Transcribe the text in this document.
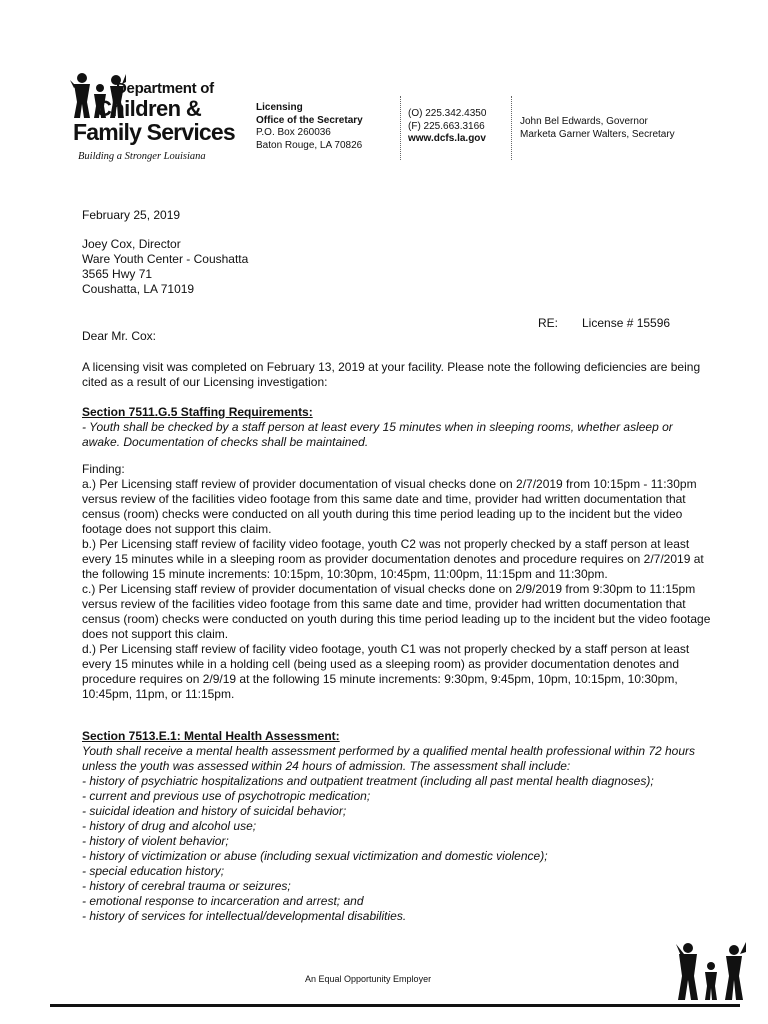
Department of
Children &
Family Services
Building a Stronger Louisiana
Licensing
Office of the Secretary
P.O. Box 260036
Baton Rouge, LA 70826
(O) 225.342.4350
(F) 225.663.3166
www.dcfs.la.gov
John Bel Edwards, Governor
Marketa Garner Walters, Secretary
February 25, 2019
Joey Cox, Director
Ware Youth Center - Coushatta
3565 Hwy 71
Coushatta, LA 71019
RE: License # 15596
Dear Mr. Cox:
A licensing visit was completed on February 13, 2019 at your facility. Please note the following deficiencies are being cited as a result of our Licensing investigation:
Section 7511.G.5 Staffing Requirements:
- Youth shall be checked by a staff person at least every 15 minutes when in sleeping rooms, whether asleep or awake. Documentation of checks shall be maintained.

Finding:

a.) Per Licensing staff review of provider documentation of visual checks done on 2/7/2019 from 10:15pm - 11:30pm versus review of the facilities video footage from this same date and time, provider had written documentation that census (room) checks were conducted on all youth during this time period leading up to the incident but the video footage does not support this claim.

b.) Per Licensing staff review of facility video footage, youth C2 was not properly checked by a staff person at least every 15 minutes while in a sleeping room as provider documentation denotes and procedure requires on 2/7/2019 at the following 15 minute increments: 10:15pm, 10:30pm, 10:45pm, 11:00pm, 11:15pm and 11:30pm.

c.) Per Licensing staff review of provider documentation of visual checks done on 2/9/2019 from 9:30pm to 11:15pm versus review of the facilities video footage from this same date and time, provider had written documentation that census (room) checks were conducted on youth during this time period leading up to the incident but the video footage does not support this claim.

d.) Per Licensing staff review of facility video footage, youth C1 was not properly checked by a staff person at least every 15 minutes while in a holding cell (being used as a sleeping room) as provider documentation denotes and procedure requires on 2/9/19 at the following 15 minute increments: 9:30pm, 9:45pm, 10pm, 10:15pm, 10:30pm, 10:45pm, 11pm, or 11:15pm.

Section 7513.E.1: Mental Health Assessment:

Youth shall receive a mental health assessment performed by a qualified mental health professional within 72 hours unless the youth was assessed within 24 hours of admission. The assessment shall include:

- history of psychiatric hospitalizations and outpatient treatment (including all past mental health diagnoses);
- current and previous use of psychotropic medication;
- suicidal ideation and history of suicidal behavior;
- history of drug and alcohol use;
- history of violent behavior;
- history of victimization or abuse (including sexual victimization and domestic violence);
- special education history;
- history of cerebral trauma or seizures;
- emotional response to incarceration and arrest; and
- history of services for intellectual/developmental disabilities.
An Equal Opportunity Employer
